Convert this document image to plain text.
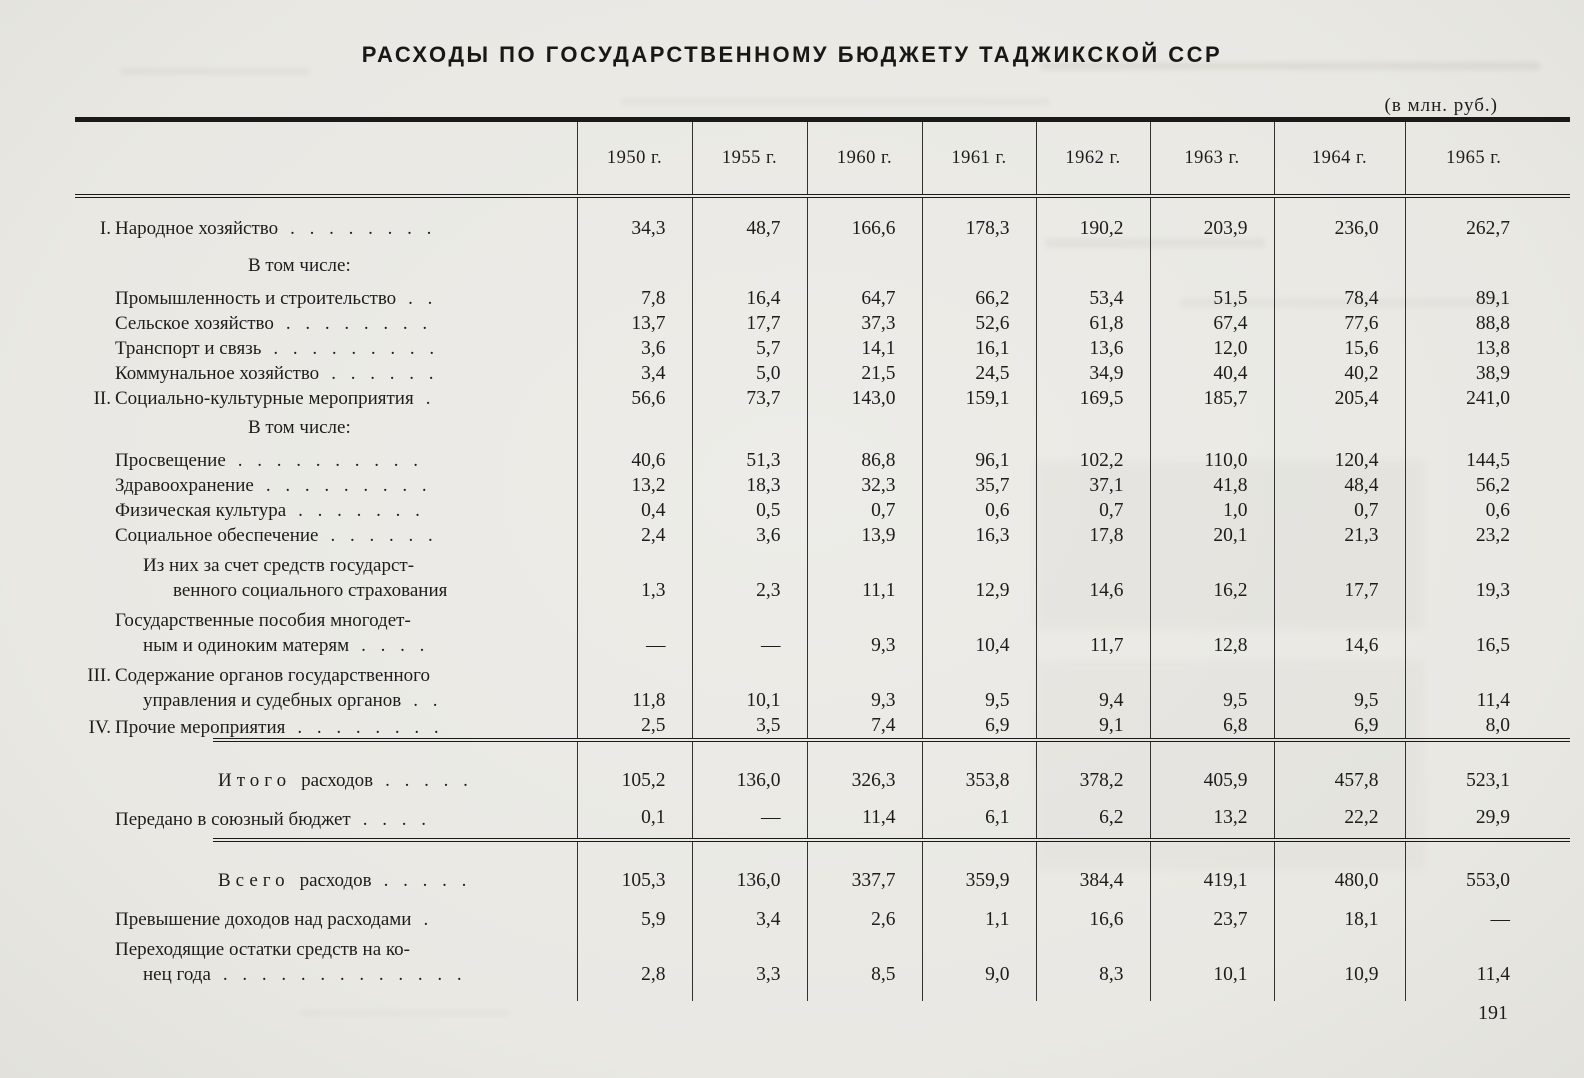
РАСХОДЫ ПО ГОСУДАРСТВЕННОМУ БЮДЖЕТУ ТАДЖИКСКОЙ ССР
(в млн. руб.)
	1950 г.	1955 г.	1960 г.	1961 г.	1962 г.	1963 г.	1964 г.	1965 г.

I. Народное хозяйство . . . . . . . .	34,3	48,7	166,6	178,3	190,2	203,9	236,0	262,7

В том числе:								

Промышленность и строительство . .	7,8	16,4	64,7	66,2	53,4	51,5	78,4	89,1

Сельское хозяйство . . . . . . . .	13,7	17,7	37,3	52,6	61,8	67,4	77,6	88,8

Транспорт и связь . . . . . . . . .	3,6	5,7	14,1	16,1	13,6	12,0	15,6	13,8

Коммунальное хозяйство . . . . . .	3,4	5,0	21,5	24,5	34,9	40,4	40,2	38,9

II. Социально-культурные мероприятия .	56,6	73,7	143,0	159,1	169,5	185,7	205,4	241,0

В том числе:								

Просвещение . . . . . . . . . .	40,6	51,3	86,8	96,1	102,2	110,0	120,4	144,5

Здравоохранение . . . . . . . . .	13,2	18,3	32,3	35,7	37,1	41,8	48,4	56,2

Физическая культура . . . . . . .	0,4	0,5	0,7	0,6	0,7	1,0	0,7	0,6

Социальное обеспечение . . . . . .	2,4	3,6	13,9	16,3	17,8	20,1	21,3	23,2

Из них за счет средств государст-
венного социального страхования	1,3	2,3	11,1	12,9	14,6	16,2	17,7	19,3

Государственные пособия многодет-
ным и одиноким матерям . . . .	—	—	9,3	10,4	11,7	12,8	14,6	16,5

III. Содержание органов государственного
управления и судебных органов . .	11,8	10,1	9,3	9,5	9,4	9,5	9,5	11,4

IV. Прочие мероприятия . . . . . . . .	2,5	3,5	7,4	6,9	9,1	6,8	6,9	8,0

Итого расходов . . . . .	105,2	136,0	326,3	353,8	378,2	405,9	457,8	523,1

Передано в союзный бюджет . . . .	0,1	—	11,4	6,1	6,2	13,2	22,2	29,9

Всего расходов . . . . .	105,3	136,0	337,7	359,9	384,4	419,1	480,0	553,0

Превышение доходов над расходами .	5,9	3,4	2,6	1,1	16,6	23,7	18,1	—

Переходящие остатки средств на ко-
нец года . . . . . . . . . . . . .	2,8	3,3	8,5	9,0	8,3	10,1	10,9	11,4
191
